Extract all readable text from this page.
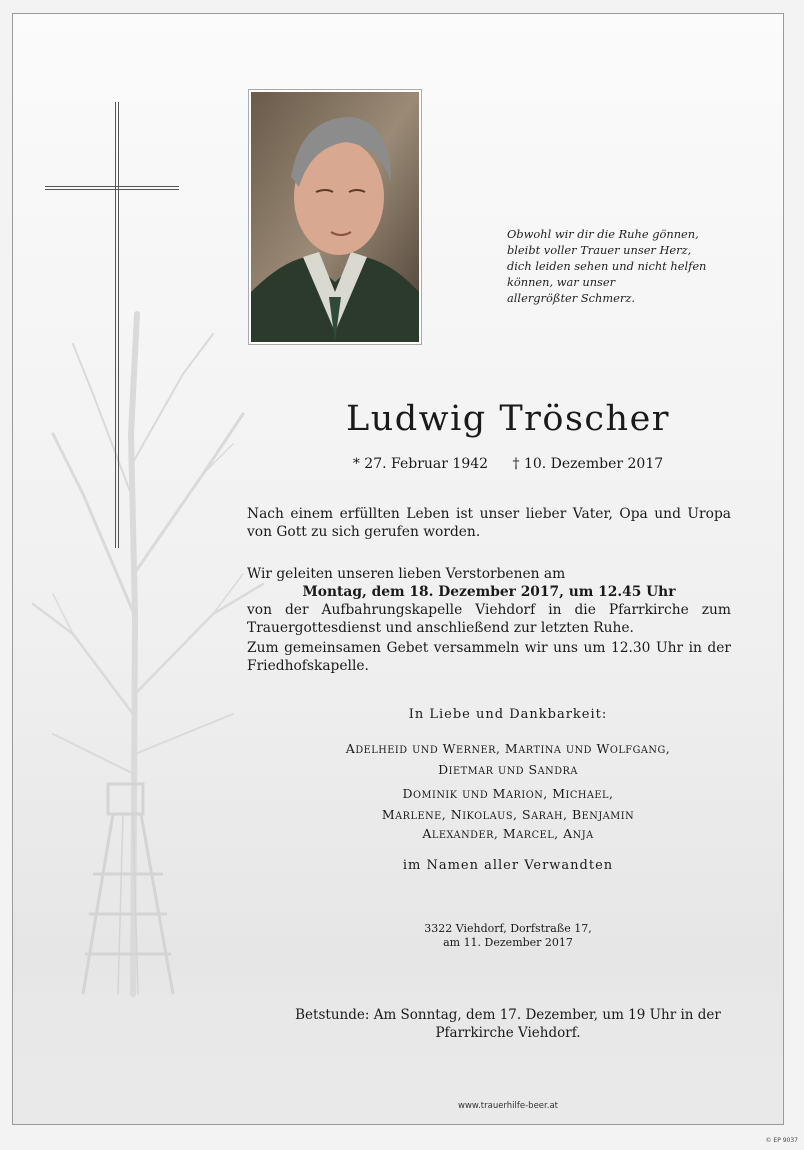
Obwohl wir dir die Ruhe gönnen,
bleibt voller Trauer unser Herz,
dich leiden sehen und nicht helfen
können, war unser
allergrößter Schmerz.
Ludwig Tröscher
* 27. Februar 1942 † 10. Dezember 2017
Nach einem erfüllten Leben ist unser lieber Vater, Opa und Uropa
von Gott zu sich gerufen worden.
Wir geleiten unseren lieben Verstorbenen am
Montag, dem 18. Dezember 2017, um 12.45 Uhr
von der Aufbahrungskapelle Viehdorf in die Pfarrkirche zum
Trauergottesdienst und anschließend zur letzten Ruhe.
Zum gemeinsamen Gebet versammeln wir uns um 12.30 Uhr in der
Friedhofskapelle.
In Liebe und Dankbarkeit:
ADELHEID UND WERNER, MARTINA UND WOLFGANG,
DIETMAR UND SANDRA
DOMINIK UND MARION, MICHAEL,
MARLENE, NIKOLAUS, SARAH, BENJAMIN
ALEXANDER, MARCEL, ANJA
im Namen aller Verwandten
3322 Viehdorf, Dorfstraße 17,
am 11. Dezember 2017
Betstunde: Am Sonntag, dem 17. Dezember, um 19 Uhr in der
Pfarrkirche Viehdorf.
www.trauerhilfe-beer.at
© EP 9037
